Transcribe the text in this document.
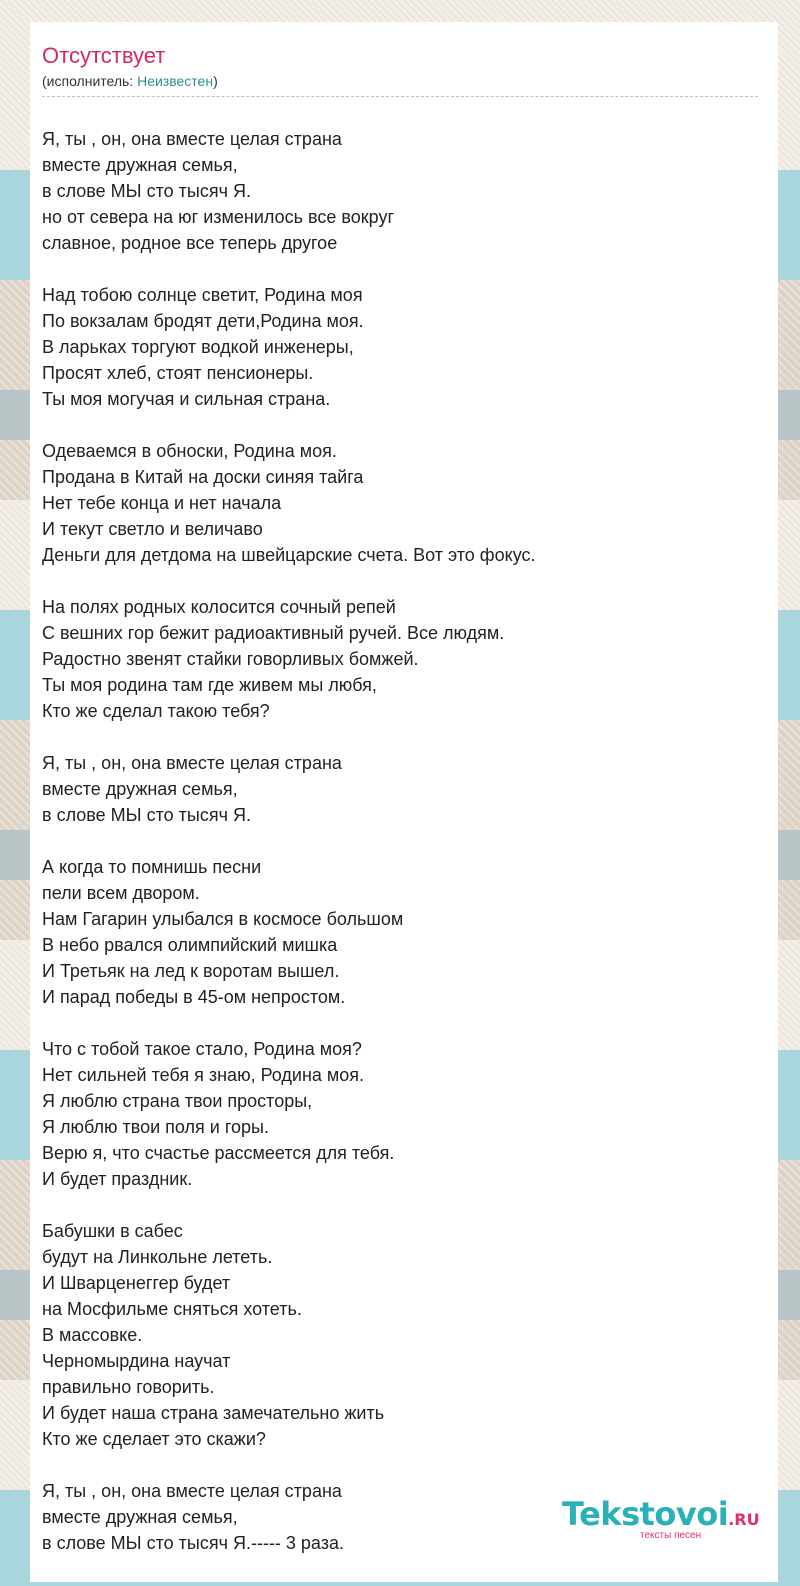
Отсутствует
(исполнитель: Неизвестен)
Я, ты , он, она вместе целая страна
вместе дружная семья,
в слове МЫ сто тысяч Я.
но от севера на юг изменилось все вокруг
славное, родное все теперь другое
Над тобою солнце светит, Родина моя
По вокзалам бродят дети,Родина моя.
В ларьках торгуют водкой инженеры,
Просят хлеб, стоят пенсионеры.
Ты моя могучая и сильная страна.
Одеваемся в обноски, Родина моя.
Продана в Китай на доски синяя тайга
Нет тебе конца и нет начала
И текут светло и величаво
Деньги для детдома на швейцарские счета. Вот это фокус.
На полях родных колосится сочный репей
С вешних гор бежит радиоактивный ручей. Все людям.
Радостно звенят стайки говорливых бомжей.
Ты моя родина там где живем мы любя,
Кто же сделал такою тебя?
Я, ты , он, она вместе целая страна
вместе дружная семья,
в слове МЫ сто тысяч Я.
А когда то помнишь песни
пели всем двором.
Нам Гагарин улыбался в космосе большом
В небо рвался олимпийский мишка
И Третьяк на лед к воротам вышел.
И парад победы в 45-ом непростом.
Что с тобой такое стало, Родина моя?
Нет сильней тебя я знаю, Родина моя.
Я люблю страна твои просторы,
Я люблю твои поля и горы.
Верю я, что счастье рассмеется для тебя.
И будет праздник.
Бабушки в сабес
будут на Линкольне лететь.
И Шварценеггер будет
на Мосфильме сняться хотеть.
В массовке.
Черномырдина научат
правильно говорить.
И будет наша страна замечательно жить
Кто же сделает это скажи?
Я, ты , он, она вместе целая страна
вместе дружная семья,
в слове МЫ сто тысяч Я.----- 3 раза.
Tekstovoi.RU
тексты песен
